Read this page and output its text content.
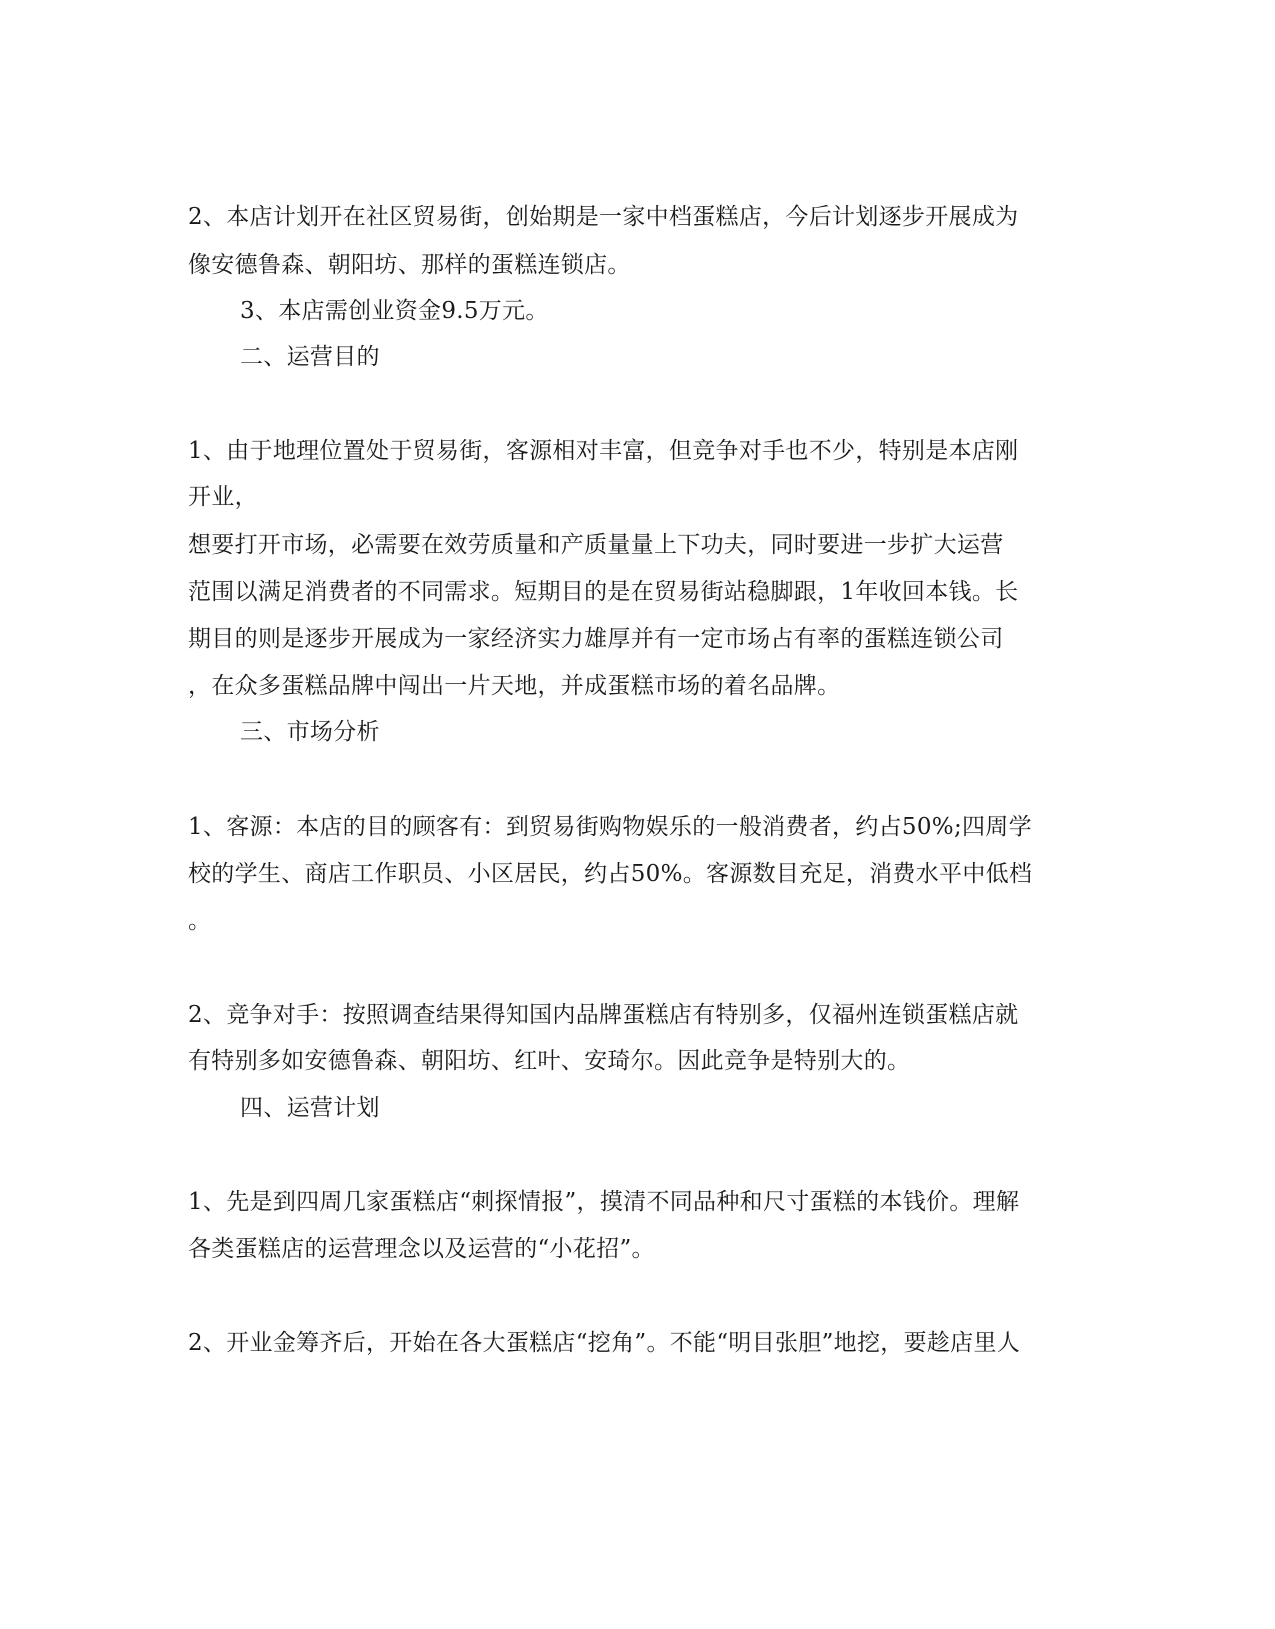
2、本店计划开在社区贸易街，创始期是一家中档蛋糕店，今后计划逐步开展成为
像安德鲁森、朝阳坊、那样的蛋糕连锁店。
3、本店需创业资金9.5万元。
二、运营目的
1、由于地理位置处于贸易街，客源相对丰富，但竞争对手也不少，特别是本店刚
开业，
想要打开市场，必需要在效劳质量和产质量量上下功夫，同时要进一步扩大运营
范围以满足消费者的不同需求。短期目的是在贸易街站稳脚跟，1年收回本钱。长
期目的则是逐步开展成为一家经济实力雄厚并有一定市场占有率的蛋糕连锁公司
，在众多蛋糕品牌中闯出一片天地，并成蛋糕市场的着名品牌。
三、市场分析
1、客源：本店的目的顾客有：到贸易街购物娱乐的一般消费者，约占50%;四周学
校的学生、商店工作职员、小区居民，约占50%。客源数目充足，消费水平中低档
。
2、竞争对手：按照调查结果得知国内品牌蛋糕店有特别多，仅福州连锁蛋糕店就
有特别多如安德鲁森、朝阳坊、红叶、安琦尔。因此竞争是特别大的。
四、运营计划
1、先是到四周几家蛋糕店“刺探情报”，摸清不同品种和尺寸蛋糕的本钱价。理解
各类蛋糕店的运营理念以及运营的“小花招”。
2、开业金筹齐后，开始在各大蛋糕店“挖角”。不能“明目张胆”地挖，要趁店里人
